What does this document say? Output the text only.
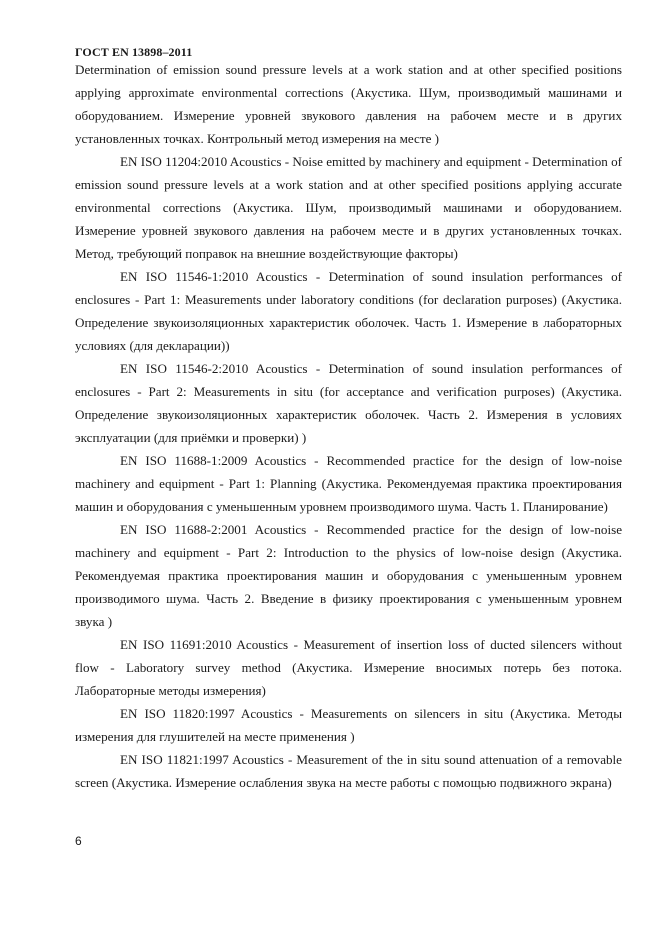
ГОСТ EN 13898–2011

Determination of emission sound pressure levels at a work station and at other specified positions applying approximate environmental corrections (Акустика. Шум, производимый машинами и оборудованием. Измерение уровней звукового давления на рабочем месте и в других установленных точках. Контрольный метод измерения на месте )

EN ISO 11204:2010 Acoustics - Noise emitted by machinery and equipment - Determination of emission sound pressure levels at a work station and at other specified positions applying accurate environmental corrections (Акустика. Шум, производимый машинами и оборудованием. Измерение уровней звукового давления на рабочем месте и в других установленных точках. Метод, требующий поправок на внешние воздействующие факторы)

EN ISO 11546-1:2010 Acoustics - Determination of sound insulation performances of enclosures - Part 1: Measurements under laboratory conditions (for declaration purposes) (Акустика. Определение звукоизоляционных характеристик оболочек. Часть 1. Измерение в лабораторных условиях (для декларации))

EN ISO 11546-2:2010 Acoustics - Determination of sound insulation performances of enclosures - Part 2: Measurements in situ (for acceptance and verification purposes) (Акустика. Определение звукоизоляционных характеристик оболочек. Часть 2. Измерения в условиях эксплуатации (для приёмки и проверки) )

EN ISO 11688-1:2009 Acoustics - Recommended practice for the design of low-noise machinery and equipment - Part 1: Planning (Акустика. Рекомендуемая практика проектирования машин и оборудования с уменьшенным уровнем производимого шума. Часть 1. Планирование)

EN ISO 11688-2:2001 Acoustics - Recommended practice for the design of low-noise machinery and equipment - Part 2: Introduction to the physics of low-noise design (Акустика. Рекомендуемая практика проектирования машин и оборудования с уменьшенным уровнем производимого шума. Часть 2. Введение в физику проектирования с уменьшенным уровнем звука )

EN ISO 11691:2010 Acoustics - Measurement of insertion loss of ducted silencers without flow - Laboratory survey method (Акустика. Измерение вносимых потерь без потока. Лабораторные методы измерения)

EN ISO 11820:1997 Acoustics - Measurements on silencers in situ (Акустика. Методы измерения для глушителей на месте применения )

EN ISO 11821:1997 Acoustics - Measurement of the in situ sound attenuation of a removable screen (Акустика. Измерение ослабления звука на месте работы с помощью подвижного экрана)

6
